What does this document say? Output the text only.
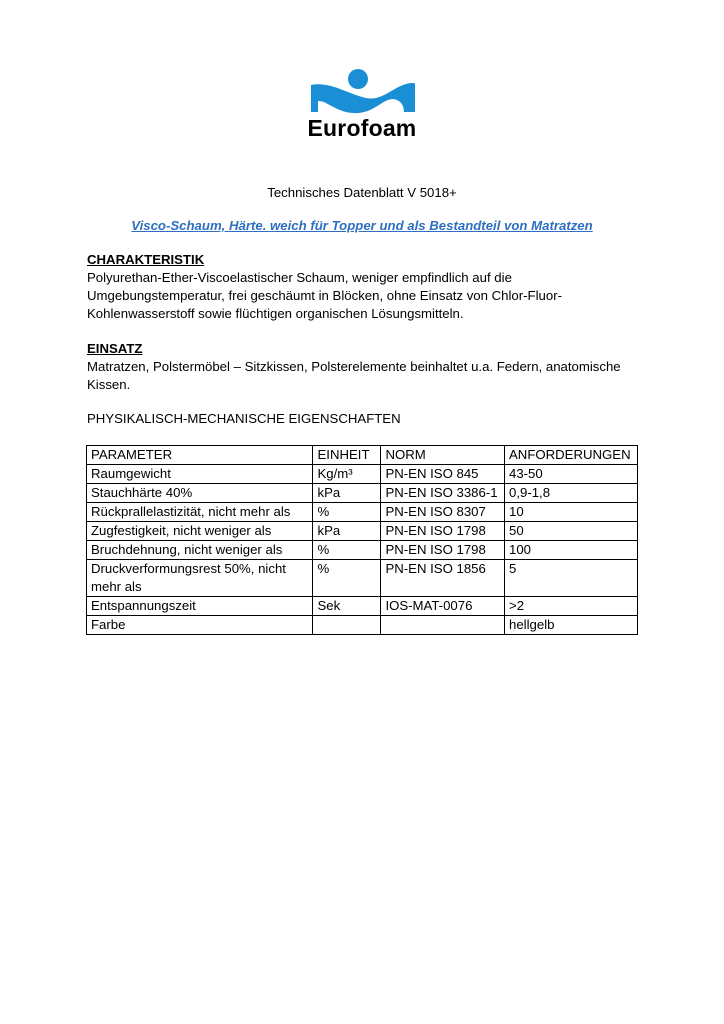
Eurofoam
Technisches Datenblatt V 5018+
Visco-Schaum, Härte. weich für Topper und als Bestandteil von Matratzen
CHARAKTERISTIK
Polyurethan-Ether-Viscoelastischer Schaum, weniger empfindlich auf die
Umgebungstemperatur, frei geschäumt in Blöcken, ohne Einsatz von Chlor-Fluor-
Kohlenwasserstoff sowie flüchtigen organischen Lösungsmitteln.
EINSATZ
Matratzen, Polstermöbel – Sitzkissen, Polsterelemente beinhaltet u.a. Federn, anatomische
Kissen.
PHYSIKALISCH-MECHANISCHE EIGENSCHAFTEN
PARAMETER	EINHEIT	NORM	ANFORDERUNGEN
Raumgewicht	Kg/m³	PN-EN ISO 845	43-50
Stauchhärte 40%	kPa	PN-EN ISO 3386-1	0,9-1,8
Rückprallelastizität, nicht mehr als	%	PN-EN ISO 8307	10
Zugfestigkeit, nicht weniger als	kPa	PN-EN ISO 1798	50
Bruchdehnung, nicht weniger als	%	PN-EN ISO 1798	100
Druckverformungsrest 50%, nicht mehr als	%	PN-EN ISO 1856	5
Entspannungszeit	Sek	IOS-MAT-0076	>2
Farbe			hellgelb
